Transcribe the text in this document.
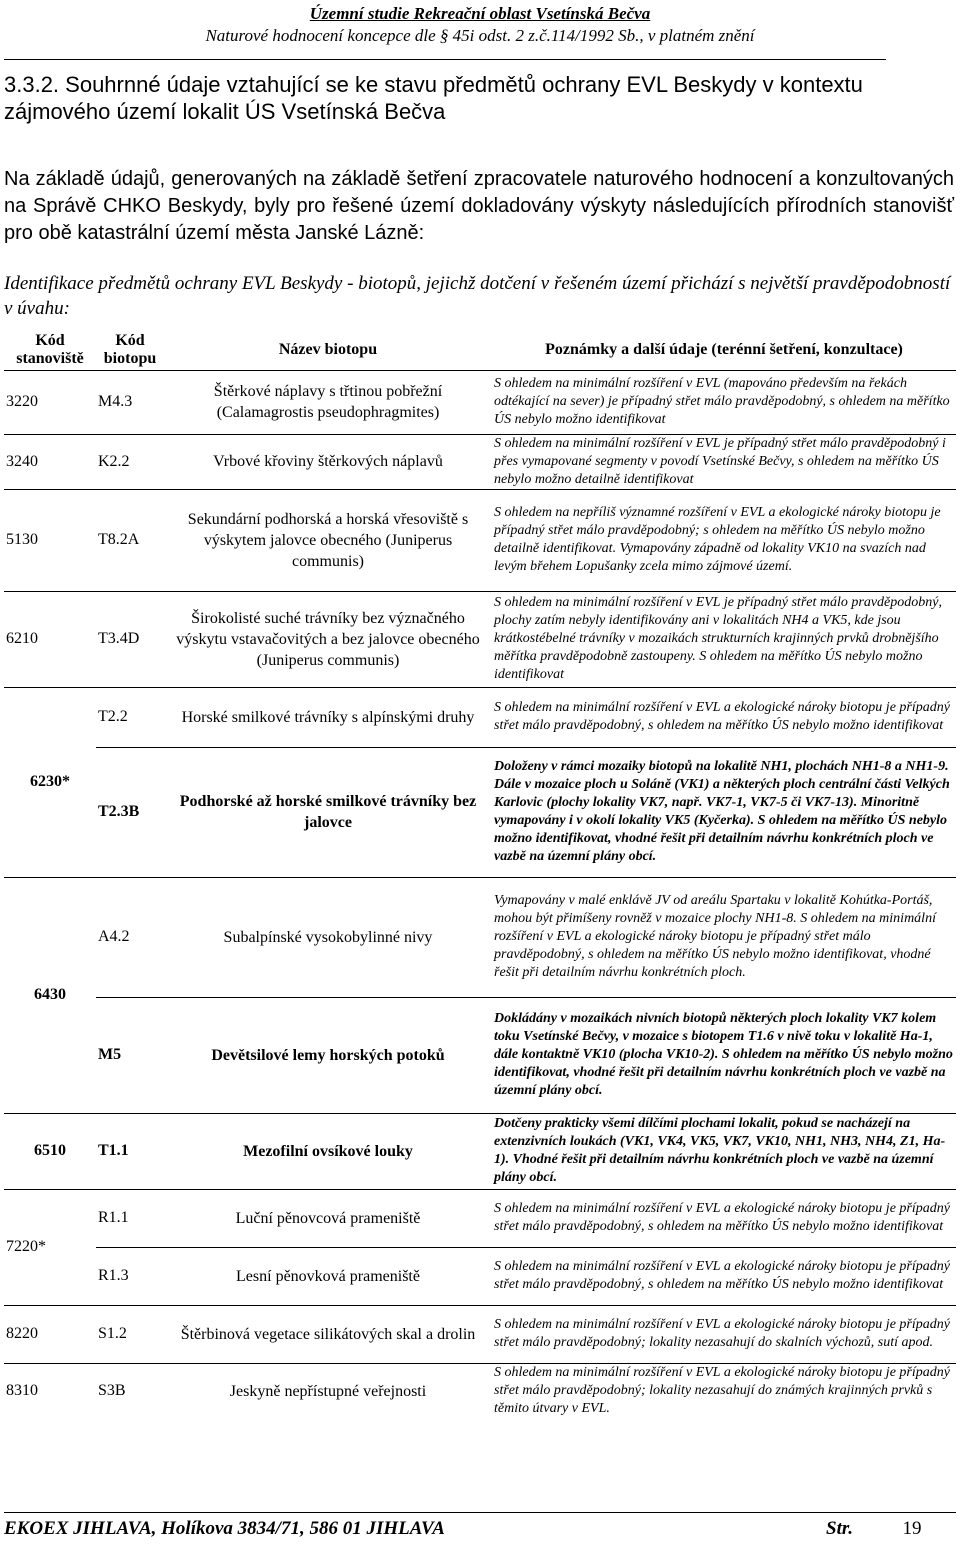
Územní studie Rekreační oblast Vsetínská Bečva
Naturové hodnocení koncepce dle § 45i odst. 2 z.č.114/1992 Sb., v platném znění
3.3.2. Souhrnné údaje vztahující se ke stavu předmětů ochrany EVL Beskydy v kontextu zájmového území lokalit ÚS Vsetínská Bečva
Na základě údajů, generovaných na základě šetření zpracovatele naturového hodnocení a konzultovaných na Správě CHKO Beskydy, byly pro řešené území dokladovány výskyty následujících přírodních stanovišť pro obě katastrální území města Janské Lázně:
Identifikace předmětů ochrany EVL Beskydy - biotopů, jejichž dotčení v řešeném území přichází s největší pravděpodobností v úvahu:
Kód stanoviště	Kód biotopu	Název biotopu	Poznámky a další údaje (terénní šetření, konzultace)
3220	M4.3	Štěrkové náplavy s třtinou pobřežní (Calamagrostis pseudophragmites)	S ohledem na minimální rozšíření v EVL (mapováno především na řekách odtékající na sever) je případný střet málo pravděpodobný, s ohledem na měřítko ÚS nebylo možno identifikovat
3240	K2.2	Vrbové křoviny štěrkových náplavů	S ohledem na minimální rozšíření v EVL je případný střet málo pravděpodobný i přes vymapované segmenty v povodí Vsetínské Bečvy, s ohledem na měřítko ÚS nebylo možno detailně identifikovat
5130	T8.2A	Sekundární podhorská a horská vřesoviště s výskytem jalovce obecného (Juniperus communis)	S ohledem na nepříliš významné rozšíření v EVL a ekologické nároky biotopu je případný střet málo pravděpodobný; s ohledem na měřítko ÚS nebylo možno detailně identifikovat. Vymapovány západně od lokality VK10 na svazích nad levým břehem Lopušanky zcela mimo zájmové území.
6210	T3.4D	Širokolisté suché trávníky bez význačného výskytu vstavačovitých a bez jalovce obecného (Juniperus communis)	S ohledem na minimální rozšíření v EVL je případný střet málo pravděpodobný, plochy zatím nebyly identifikovány ani v lokalitách NH4 a VK5, kde jsou krátkostébelné trávníky v mozaikách strukturních krajinných prvků drobnějšího měřítka pravděpodobně zastoupeny. S ohledem na měřítko ÚS nebylo možno identifikovat
6230*	T2.2	Horské smilkové trávníky s alpínskými druhy	S ohledem na minimální rozšíření v EVL a ekologické nároky biotopu je případný střet málo pravděpodobný, s ohledem na měřítko ÚS nebylo možno identifikovat
	T2.3B	Podhorské až horské smilkové trávníky bez jalovce	Doloženy v rámci mozaiky biotopů na lokalitě NH1, plochách NH1-8 a NH1-9. Dále v mozaice ploch u Soláně (VK1) a některých ploch centrální části Velkých Karlovic (plochy lokality VK7, např. VK7-1, VK7-5 či VK7-13). Minoritně vymapovány i v okolí lokality VK5 (Kyčerka). S ohledem na měřítko ÚS nebylo možno identifikovat, vhodné řešit při detailním návrhu konkrétních ploch ve vazbě na územní plány obcí.
6430	A4.2	Subalpínské vysokobylinné nivy	Vymapovány v malé enklávě JV od areálu Spartaku v lokalitě Kohútka-Portáš, mohou být přimíšeny rovněž v mozaice plochy NH1-8. S ohledem na minimální rozšíření v EVL a ekologické nároky biotopu je případný střet málo pravděpodobný, s ohledem na měřítko ÚS nebylo možno identifikovat, vhodné řešit při detailním návrhu konkrétních ploch.
	M5	Devětsilové lemy horských potoků	Dokládány v mozaikách nivních biotopů některých ploch lokality VK7 kolem toku Vsetínské Bečvy, v mozaice s biotopem T1.6 v nivě toku v lokalitě Ha-1, dále kontaktně VK10 (plocha VK10-2). S ohledem na měřítko ÚS nebylo možno identifikovat, vhodné řešit při detailním návrhu konkrétních ploch ve vazbě na územní plány obcí.
6510	T1.1	Mezofilní ovsíkové louky	Dotčeny prakticky všemi dílčími plochami lokalit, pokud se nacházejí na extenzivních loukách (VK1, VK4, VK5, VK7, VK10, NH1, NH3, NH4, Z1, Ha-1). Vhodné řešit při detailním návrhu konkrétních ploch ve vazbě na územní plány obcí.
7220*	R1.1	Luční pěnovcová prameniště	S ohledem na minimální rozšíření v EVL a ekologické nároky biotopu je případný střet málo pravděpodobný, s ohledem na měřítko ÚS nebylo možno identifikovat
	R1.3	Lesní pěnovková prameniště	S ohledem na minimální rozšíření v EVL a ekologické nároky biotopu je případný střet málo pravděpodobný, s ohledem na měřítko ÚS nebylo možno identifikovat
8220	S1.2	Štěrbinová vegetace silikátových skal a drolin	S ohledem na minimální rozšíření v EVL a ekologické nároky biotopu je případný střet málo pravděpodobný; lokality nezasahují do skalních výchozů, sutí apod.
8310	S3B	Jeskyně nepřístupné veřejnosti	S ohledem na minimální rozšíření v EVL a ekologické nároky biotopu je případný střet málo pravděpodobný; lokality nezasahují do známých krajinných prvků s těmito útvary v EVL.
EKOEX JIHLAVA, Holíkova 3834/71, 586 01 JIHLAVA	Str.	19
